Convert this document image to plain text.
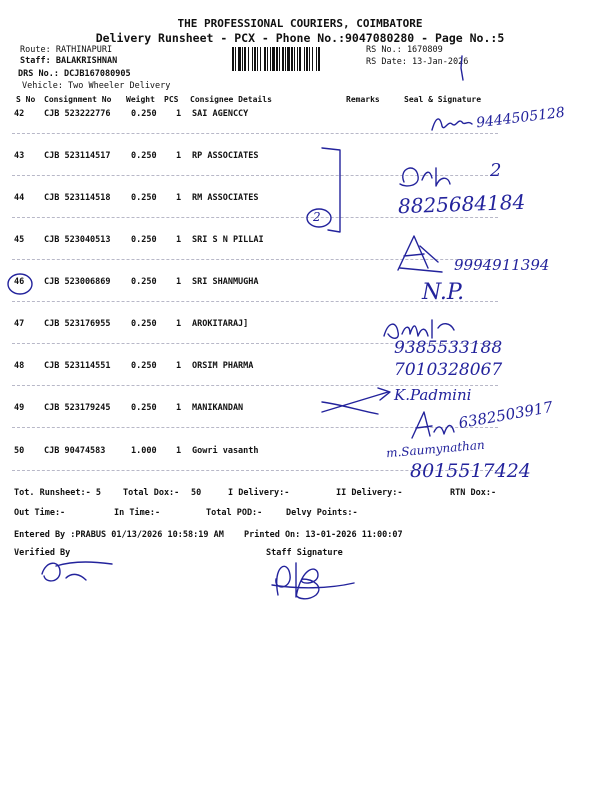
THE PROFESSIONAL COURIERS, COIMBATORE
Delivery Runsheet - PCX - Phone No.:9047080280 - Page No.:5
Route: RATHINAPURI
Staff: BALAKRISHNAN
DRS No.: DCJB167080905
Vehicle: Two Wheeler Delivery
RS No.: 1670809
RS Date: 13-Jan-2026
S No Consignment No Weight PCS Consignee Details	Remarks	Seal & Signature
42 CJB 523222776 0.250 1 SAI AGENCCY
43 CJB 523114517 0.250 1 RP ASSOCIATES
44 CJB 523114518 0.250 1 RM ASSOCIATES
45 CJB 523040513 0.250 1 SRI S N PILLAI
46 CJB 523006869 0.250 1 SRI SHANMUGHA
47 CJB 523176955 0.250 1 AROKITARAJ]
48 CJB 523114551 0.250 1 ORSIM PHARMA
49 CJB 523179245 0.250 1 MANIKANDAN
50 CJB 90474583	1.000 1 Gowri vasanth
Tot. Runsheet:- 5	Total Dox:- 50	I Delivery:-	II Delivery:-	RTN Dox:-
Out Time:-	In Time:-	Total POD:-	Delvy Points:-
Entered By :PRABUS 01/13/2026 10:58:19 AM Printed On: 13-01-2026 11:00:07
Verified By	Staff Signature
9444505128
2
2
8825684184
9994911394
N.P.
9385533188
7010328067
K.Padmini
6382503917
m.Saumynathan
8015517424
